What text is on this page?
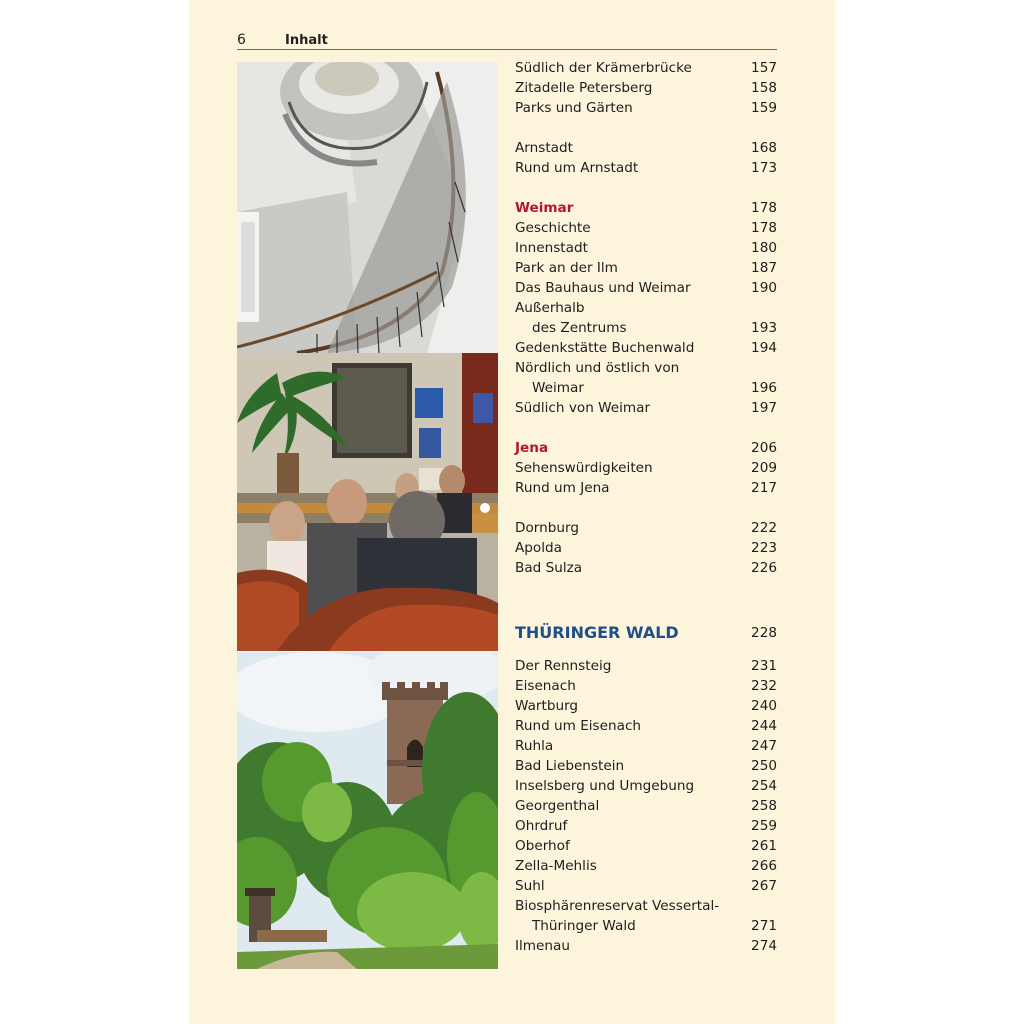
6	Inhalt
Südlich der Krämerbrücke	157
Zitadelle Petersberg	158
Parks und Gärten	159
Arnstadt	168
Rund um Arnstadt	173
Weimar	178
Geschichte	178
Innenstadt	180
Park an der Ilm	187
Das Bauhaus und Weimar	190
Außerhalb
des Zentrums	193
Gedenkstätte Buchenwald	194
Nördlich und östlich von
Weimar	196
Südlich von Weimar	197
Jena	206
Sehenswürdigkeiten	209
Rund um Jena	217
Dornburg	222
Apolda	223
Bad Sulza	226
THÜRINGER WALD	228
Der Rennsteig	231
Eisenach	232
Wartburg	240
Rund um Eisenach	244
Ruhla	247
Bad Liebenstein	250
Inselsberg und Umgebung	254
Georgenthal	258
Ohrdruf	259
Oberhof	261
Zella-Mehlis	266
Suhl	267
Biosphärenreservat Vessertal-
Thüringer Wald	271
Ilmenau	274
